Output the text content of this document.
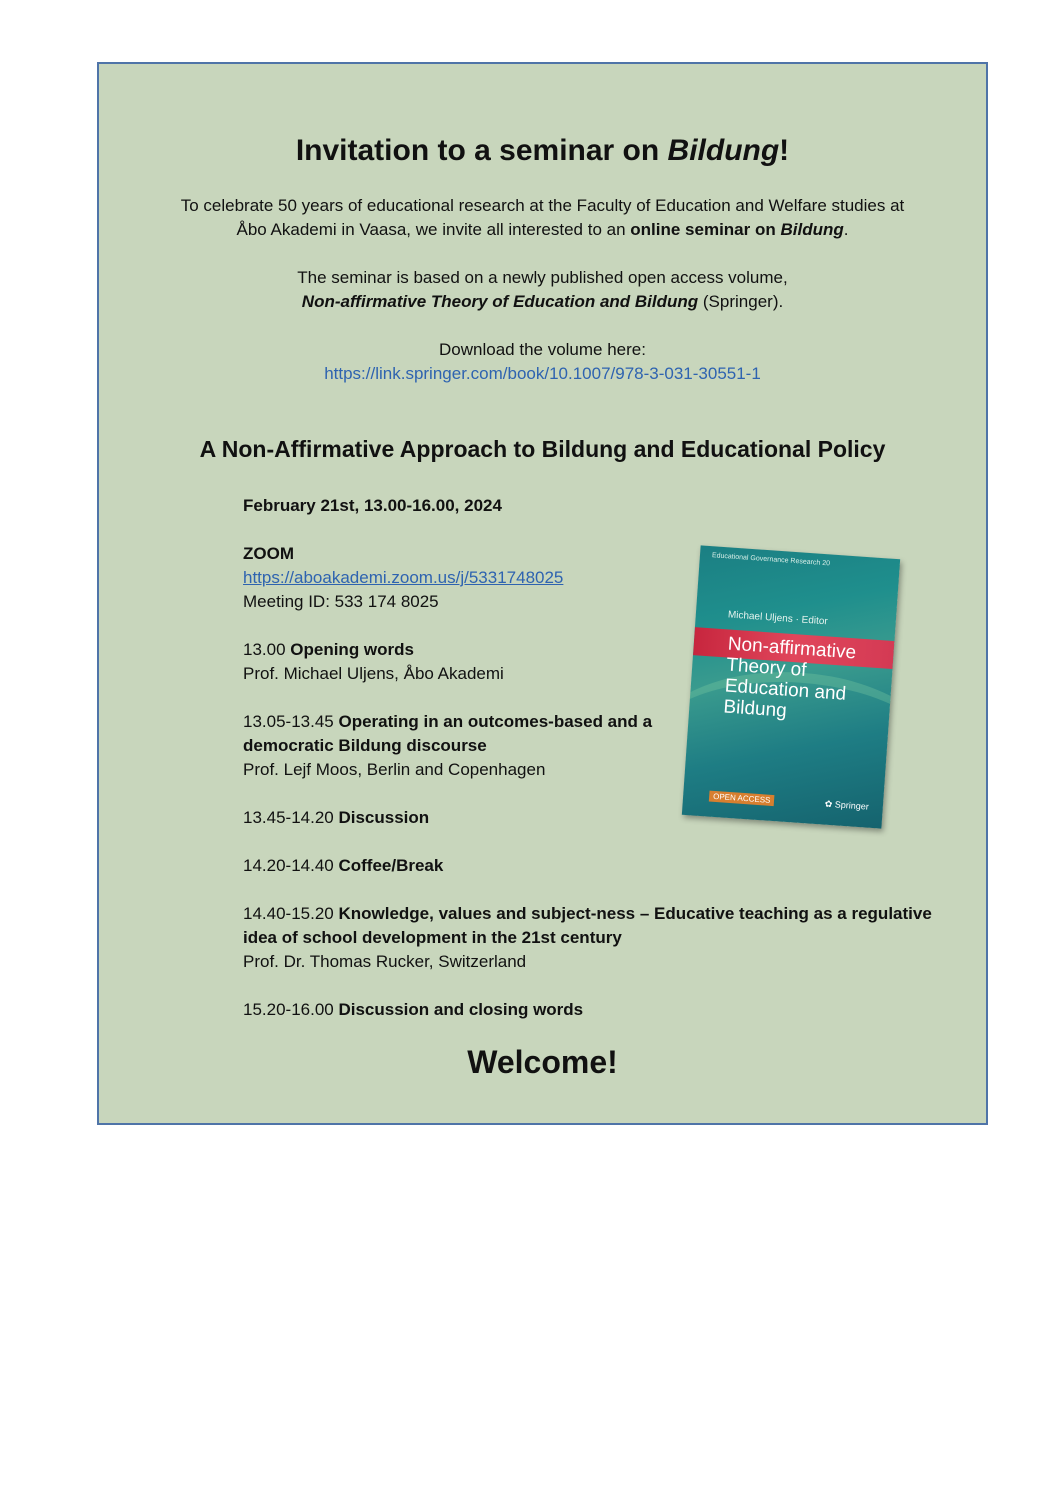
Invitation to a seminar on Bildung!
To celebrate 50 years of educational research at the Faculty of Education and Welfare studies at
Åbo Akademi in Vaasa, we invite all interested to an online seminar on Bildung.
The seminar is based on a newly published open access volume,
Non-affirmative Theory of Education and Bildung (Springer).
Download the volume here:
https://link.springer.com/book/10.1007/978-3-031-30551-1
A Non-Affirmative Approach to Bildung and Educational Policy
February 21st, 13.00-16.00, 2024
ZOOM
https://aboakademi.zoom.us/j/5331748025
Meeting ID: 533 174 8025
13.00 Opening words
Prof. Michael Uljens, Åbo Akademi
13.05-13.45 Operating in an outcomes-based and a
democratic Bildung discourse
Prof. Lejf Moos, Berlin and Copenhagen
13.45-14.20 Discussion
14.20-14.40 Coffee/Break
14.40-15.20 Knowledge, values and subject-ness – Educative teaching as a regulative
idea of school development in the 21st century
Prof. Dr. Thomas Rucker, Switzerland
15.20-16.00 Discussion and closing words
Educational Governance Research 20
Michael Uljens · Editor
Non-affirmative Theory of Education and Bildung
OPEN ACCESS	✿ Springer
Welcome!
